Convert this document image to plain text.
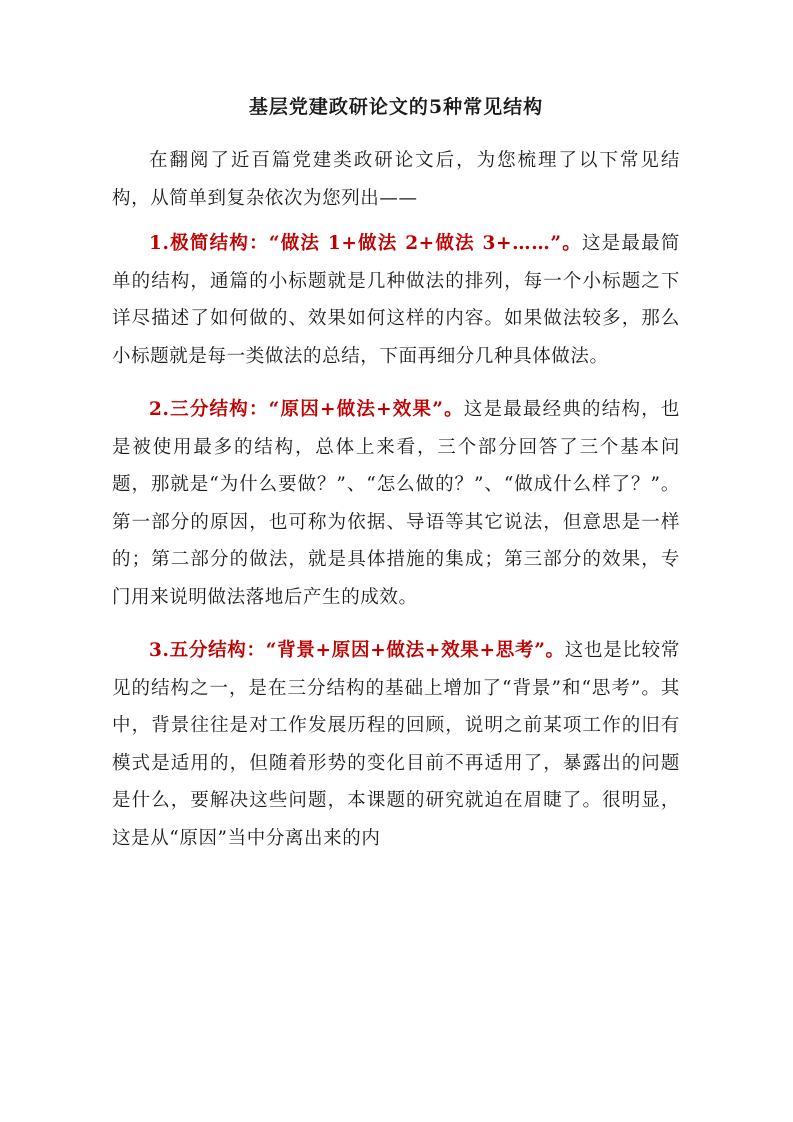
基层党建政研论文的5种常见结构

在翻阅了近百篇党建类政研论文后，为您梳理了以下常见结构，从简单到复杂依次为您列出——

1.极简结构：“做法 1+做法 2+做法 3+……”。这是最最简单的结构，通篇的小标题就是几种做法的排列，每一个小标题之下详尽描述了如何做的、效果如何这样的内容。如果做法较多，那么小标题就是每一类做法的总结，下面再细分几种具体做法。

2.三分结构：“原因+做法+效果”。这是最最经典的结构，也是被使用最多的结构，总体上来看，三个部分回答了三个基本问题，那就是“为什么要做？”、“怎么做的？”、“做成什么样了？”。第一部分的原因，也可称为依据、导语等其它说法，但意思是一样的；第二部分的做法，就是具体措施的集成；第三部分的效果，专门用来说明做法落地后产生的成效。

3.五分结构：“背景+原因+做法+效果+思考”。这也是比较常见的结构之一，是在三分结构的基础上增加了“背景”和“思考”。其中，背景往往是对工作发展历程的回顾，说明之前某项工作的旧有模式是适用的，但随着形势的变化目前不再适用了，暴露出的问题是什么，要解决这些问题，本课题的研究就迫在眉睫了。很明显，这是从“原因”当中分离出来的内
